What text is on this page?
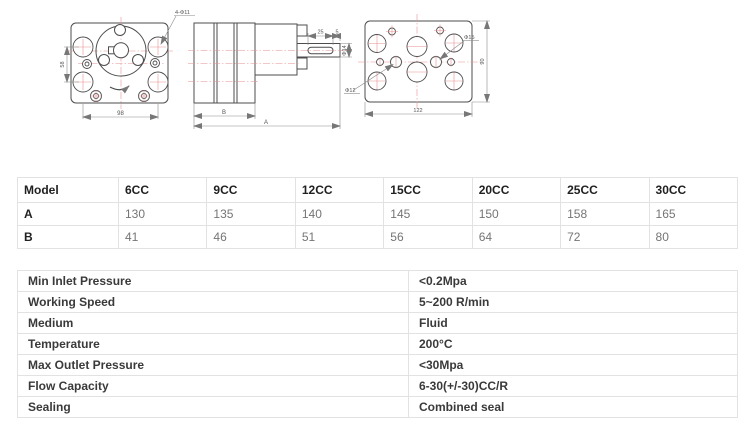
98
58
4-Φ11
25 5
Φ14
B
A
Φ15
Φ12
122
90
Model	6CC	9CC	12CC	15CC	20CC	25CC	30CC
A	130	135	140	145	150	158	165
B	41	46	51	56	64	72	80
Min Inlet Pressure	<0.2Mpa
Working Speed	5~200 R/min
Medium	Fluid
Temperature	200°C
Max Outlet Pressure	<30Mpa
Flow Capacity	6-30(+/-30)CC/R
Sealing	Combined seal
